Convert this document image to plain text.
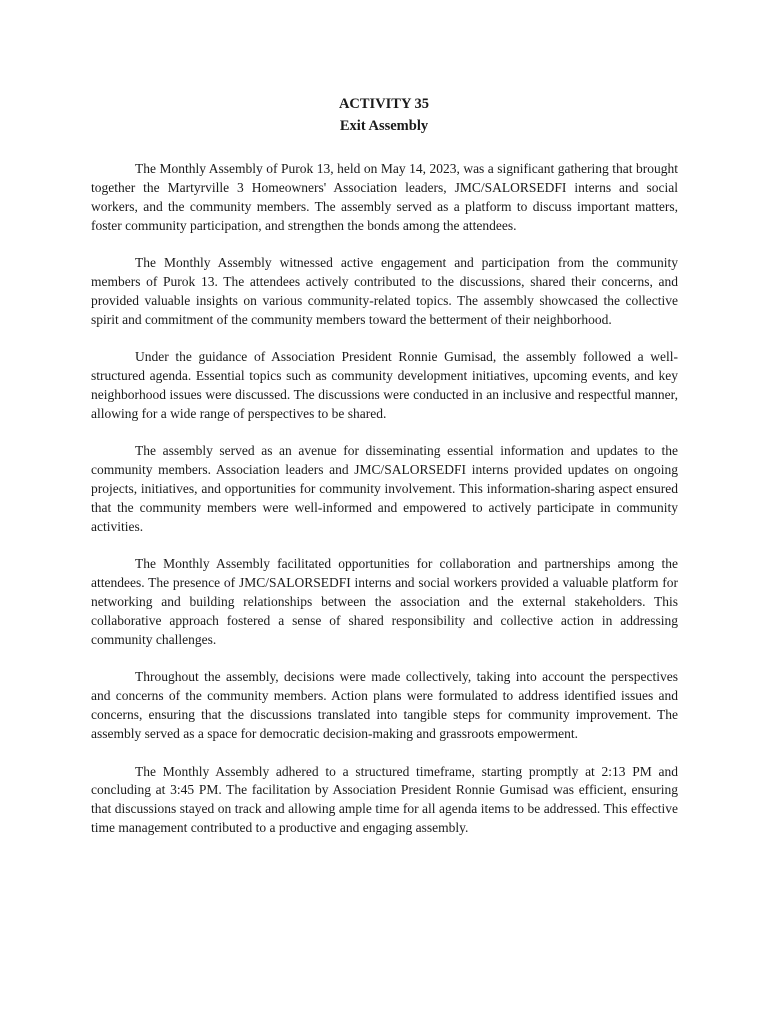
ACTIVITY 35
Exit Assembly

The Monthly Assembly of Purok 13, held on May 14, 2023, was a significant gathering that brought together the Martyrville 3 Homeowners' Association leaders, JMC/SALORSEDFI interns and social workers, and the community members. The assembly served as a platform to discuss important matters, foster community participation, and strengthen the bonds among the attendees.

The Monthly Assembly witnessed active engagement and participation from the community members of Purok 13. The attendees actively contributed to the discussions, shared their concerns, and provided valuable insights on various community-related topics. The assembly showcased the collective spirit and commitment of the community members toward the betterment of their neighborhood.

Under the guidance of Association President Ronnie Gumisad, the assembly followed a well-structured agenda. Essential topics such as community development initiatives, upcoming events, and key neighborhood issues were discussed. The discussions were conducted in an inclusive and respectful manner, allowing for a wide range of perspectives to be shared.

The assembly served as an avenue for disseminating essential information and updates to the community members. Association leaders and JMC/SALORSEDFI interns provided updates on ongoing projects, initiatives, and opportunities for community involvement. This information-sharing aspect ensured that the community members were well-informed and empowered to actively participate in community activities.

The Monthly Assembly facilitated opportunities for collaboration and partnerships among the attendees. The presence of JMC/SALORSEDFI interns and social workers provided a valuable platform for networking and building relationships between the association and the external stakeholders. This collaborative approach fostered a sense of shared responsibility and collective action in addressing community challenges.

Throughout the assembly, decisions were made collectively, taking into account the perspectives and concerns of the community members. Action plans were formulated to address identified issues and concerns, ensuring that the discussions translated into tangible steps for community improvement. The assembly served as a space for democratic decision-making and grassroots empowerment.

The Monthly Assembly adhered to a structured timeframe, starting promptly at 2:13 PM and concluding at 3:45 PM. The facilitation by Association President Ronnie Gumisad was efficient, ensuring that discussions stayed on track and allowing ample time for all agenda items to be addressed. This effective time management contributed to a productive and engaging assembly.
